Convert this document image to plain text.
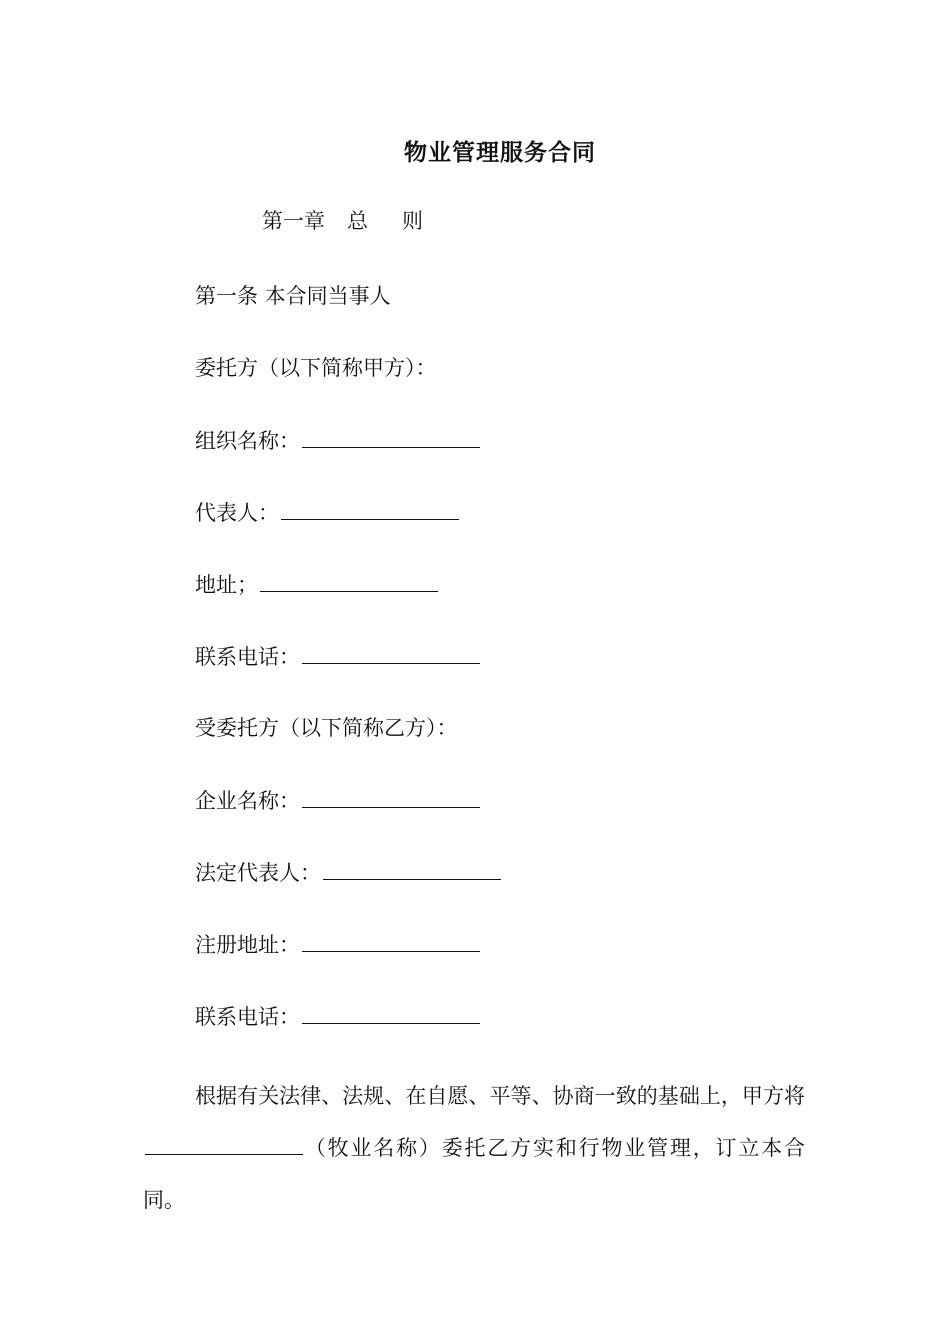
物业管理服务合同
第一章 总 则
第一条 本合同当事人
委托方（以下简称甲方）：
组织名称：
代表人：
地址；
联系电话：
受委托方（以下简称乙方）：
企业名称：
法定代表人：
注册地址：
联系电话：

根据有关法律、法规、在自愿、平等、协商一致的基础上，甲方将（牧业名称）委托乙方实和行物业管理，订立本合同。
